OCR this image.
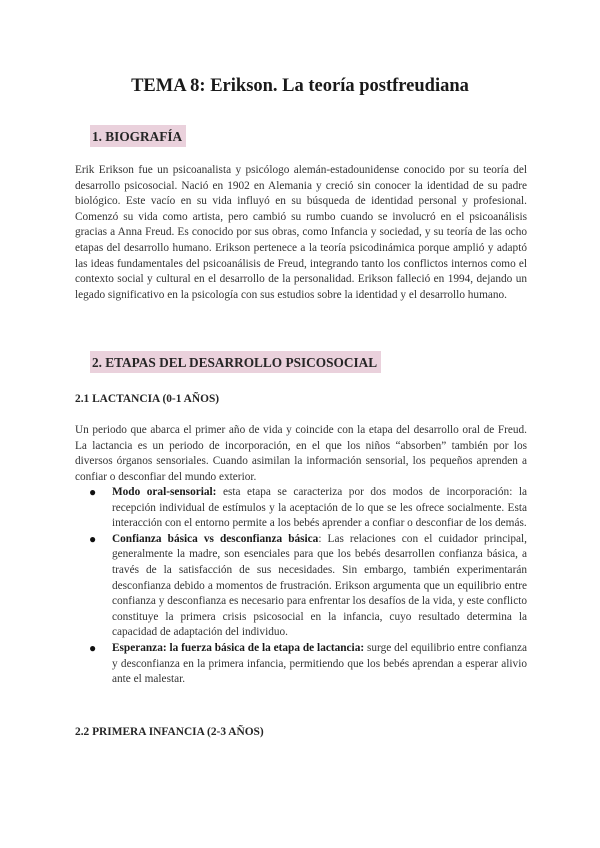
TEMA 8: Erikson. La teoría postfreudiana
1. BIOGRAFÍA

Erik Erikson fue un psicoanalista y psicólogo alemán-estadounidense conocido por su teoría del desarrollo psicosocial. Nació en 1902 en Alemania y creció sin conocer la identidad de su padre biológico. Este vacío en su vida influyó en su búsqueda de identidad personal y profesional. Comenzó su vida como artista, pero cambió su rumbo cuando se involucró en el psicoanálisis gracias a Anna Freud. Es conocido por sus obras, como Infancia y sociedad, y su teoría de las ocho etapas del desarrollo humano. Erikson pertenece a la teoría psicodinámica porque amplió y adaptó las ideas fundamentales del psicoanálisis de Freud, integrando tanto los conflictos internos como el contexto social y cultural en el desarrollo de la personalidad. Erikson falleció en 1994, dejando un legado significativo en la psicología con sus estudios sobre la identidad y el desarrollo humano.

2. ETAPAS DEL DESARROLLO PSICOSOCIAL
2.1 LACTANCIA (0-1 AÑOS)

Un periodo que abarca el primer año de vida y coincide con la etapa del desarrollo oral de Freud. La lactancia es un periodo de incorporación, en el que los niños “absorben” también por los diversos órganos sensoriales. Cuando asimilan la información sensorial, los pequeños aprenden a confiar o desconfiar del mundo exterior.

● Modo oral-sensorial: esta etapa se caracteriza por dos modos de incorporación: la recepción individual de estímulos y la aceptación de lo que se les ofrece socialmente. Esta interacción con el entorno permite a los bebés aprender a confiar o desconfiar de los demás.
● Confianza básica vs desconfianza básica: Las relaciones con el cuidador principal, generalmente la madre, son esenciales para que los bebés desarrollen confianza básica, a través de la satisfacción de sus necesidades. Sin embargo, también experimentarán desconfianza debido a momentos de frustración. Erikson argumenta que un equilibrio entre confianza y desconfianza es necesario para enfrentar los desafíos de la vida, y este conflicto constituye la primera crisis psicosocial en la infancia, cuyo resultado determina la capacidad de adaptación del individuo.
● Esperanza: la fuerza básica de la etapa de lactancia: surge del equilibrio entre confianza y desconfianza en la primera infancia, permitiendo que los bebés aprendan a esperar alivio ante el malestar.
2.2 PRIMERA INFANCIA (2-3 AÑOS)
